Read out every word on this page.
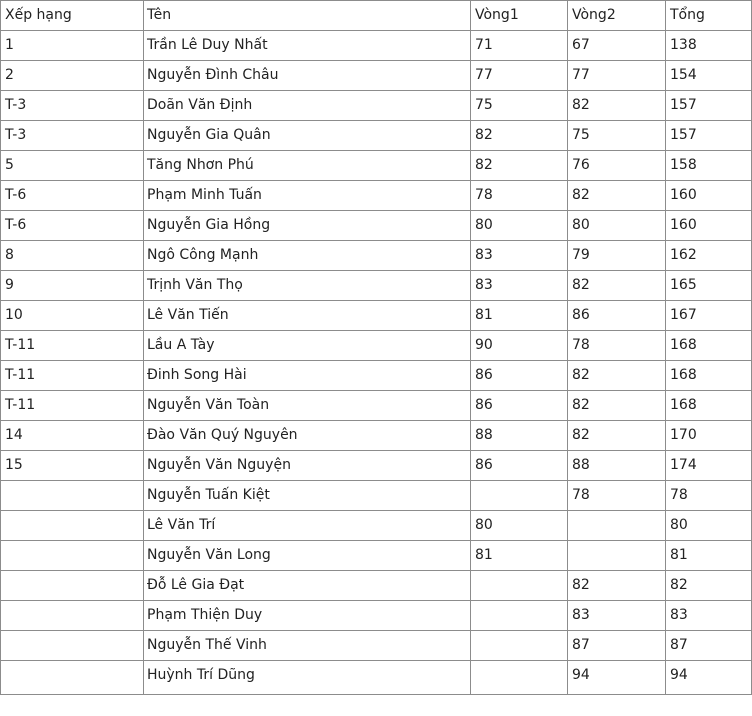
Xếp hạng	Tên	Vòng1	Vòng2	Tổng
1	Trần Lê Duy Nhất	71	67	138
2	Nguyễn Đình Châu	77	77	154
T-3	Doãn Văn Định	75	82	157
T-3	Nguyễn Gia Quân	82	75	157
5	Tăng Nhơn Phú	82	76	158
T-6	Phạm Minh Tuấn	78	82	160
T-6	Nguyễn Gia Hồng	80	80	160
8	Ngô Công Mạnh	83	79	162
9	Trịnh Văn Thọ	83	82	165
10	Lê Văn Tiến	81	86	167
T-11	Lầu A Tày	90	78	168
T-11	Đinh Song Hài	86	82	168
T-11	Nguyễn Văn Toàn	86	82	168
14	Đào Văn Quý Nguyên	88	82	170
15	Nguyễn Văn Nguyện	86	88	174
	Nguyễn Tuấn Kiệt		78	78
	Lê Văn Trí	80		80
	Nguyễn Văn Long	81		81
	Đỗ Lê Gia Đạt		82	82
	Phạm Thiện Duy		83	83
	Nguyễn Thế Vinh		87	87
	Huỳnh Trí Dũng		94	94
